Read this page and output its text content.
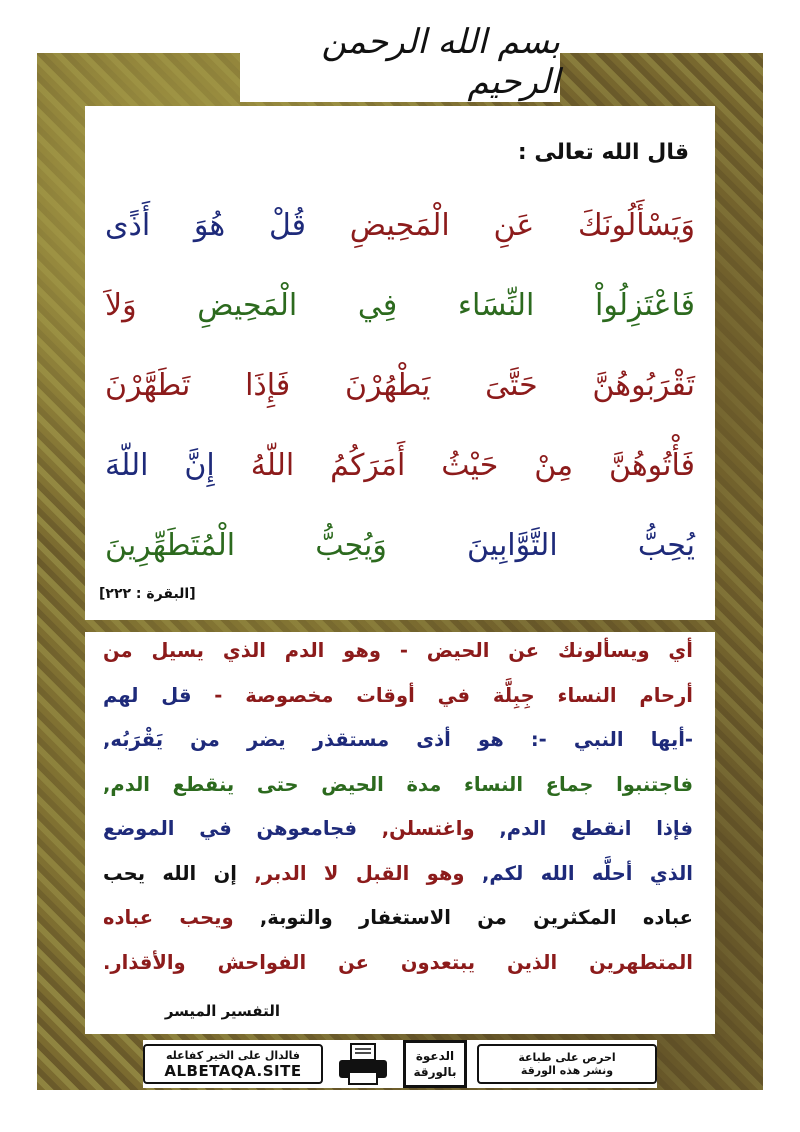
بسم الله الرحمن الرحيم
قال الله تعالى :
وَيَسْأَلُونَكَ عَنِ الْمَحِيضِ قُلْ هُوَ أَذًى
فَاعْتَزِلُواْ النِّسَاء فِي الْمَحِيضِ وَلاَ
تَقْرَبُوهُنَّ حَتَّىَ يَطْهُرْنَ فَإِذَا تَطَهَّرْنَ
فَأْتُوهُنَّ مِنْ حَيْثُ أَمَرَكُمُ اللّهُ إِنَّ اللّهَ
يُحِبُّ التَّوَّابِينَ وَيُحِبُّ الْمُتَطَهِّرِينَ
[البقرة : ٢٢٢]
أي ويسألونك عن الحيض - وهو الدم الذي يسيل من
أرحام النساء جِبِلَّة في أوقات مخصوصة - قل لهم
-أيها النبي -: هو أذى مستقذر يضر من يَقْرَبُه,
فاجتنبوا جماع النساء مدة الحيض حتى ينقطع الدم,
فإذا انقطع الدم, واغتسلن, فجامعوهن في الموضع
الذي أحلَّه الله لكم, وهو القبل لا الدبر, إن الله يحب
عباده المكثرين من الاستغفار والتوبة, ويحب عباده
المتطهرين الذين يبتعدون عن الفواحش والأقذار.
التفسير الميسر
فالدال على الخير كفاعله
ALBETAQA.SITE
الدعوة
بالورقة
احرص على طباعة
ونشر هذه الورقة
